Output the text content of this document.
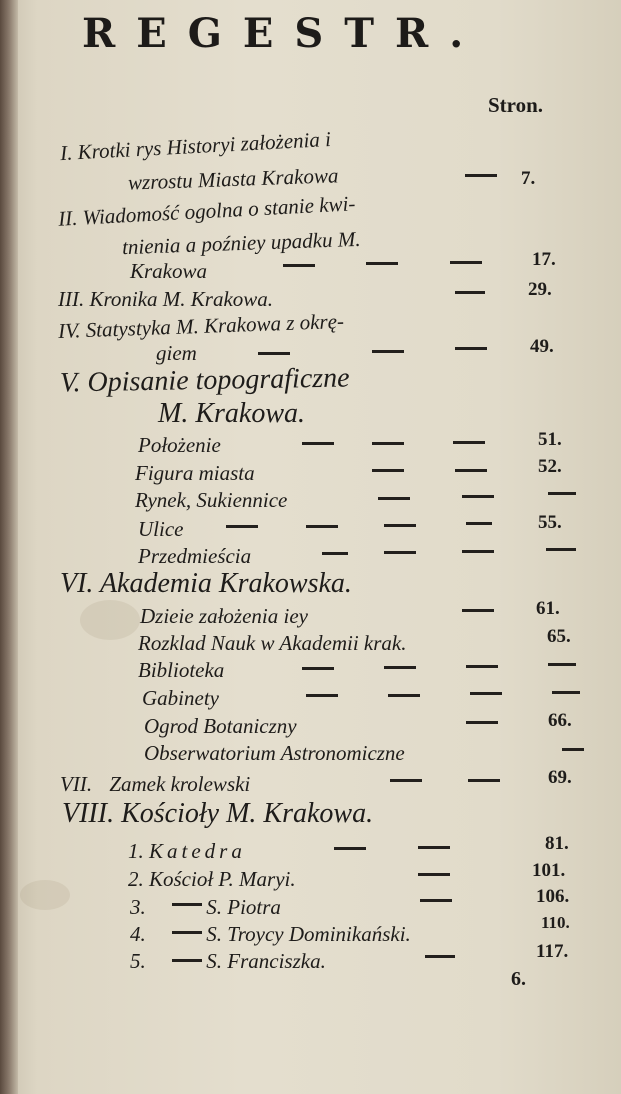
REGESTR.
Stron.
I. Krotki rys Historyi założenia i
wzrostu Miasta Krakowa	7.
II. Wiadomość ogolna o stanie kwi-
tnienia a poźniey upadku M.
Krakowa	17.
III. Kronika M. Krakowa.	29.
IV. Statystyka M. Krakowa z okrę-
giem	49.
V. Opisanie topograficzne
M. Krakowa.
Położenie	51.
Figura miasta	52.
Rynek, Sukiennice
Ulice	55.
Przedmieścia
VI. Akademia Krakowska.
Dzieie założenia iey	61.
Rozklad Nauk w Akademii krak.	65.
Biblioteka
Gabinety
Ogrod Botaniczny	66.
Obserwatorium Astronomiczne
VII. Zamek krolewski	69.
VIII. Kościoły M. Krakowa.
1. Katedra	81.
2. Kościoł P. Maryi.	101.
3.	S. Piotra	106.
4.	S. Troycy Dominikański.	110.
5.	S. Franciszka.	117.
6.
